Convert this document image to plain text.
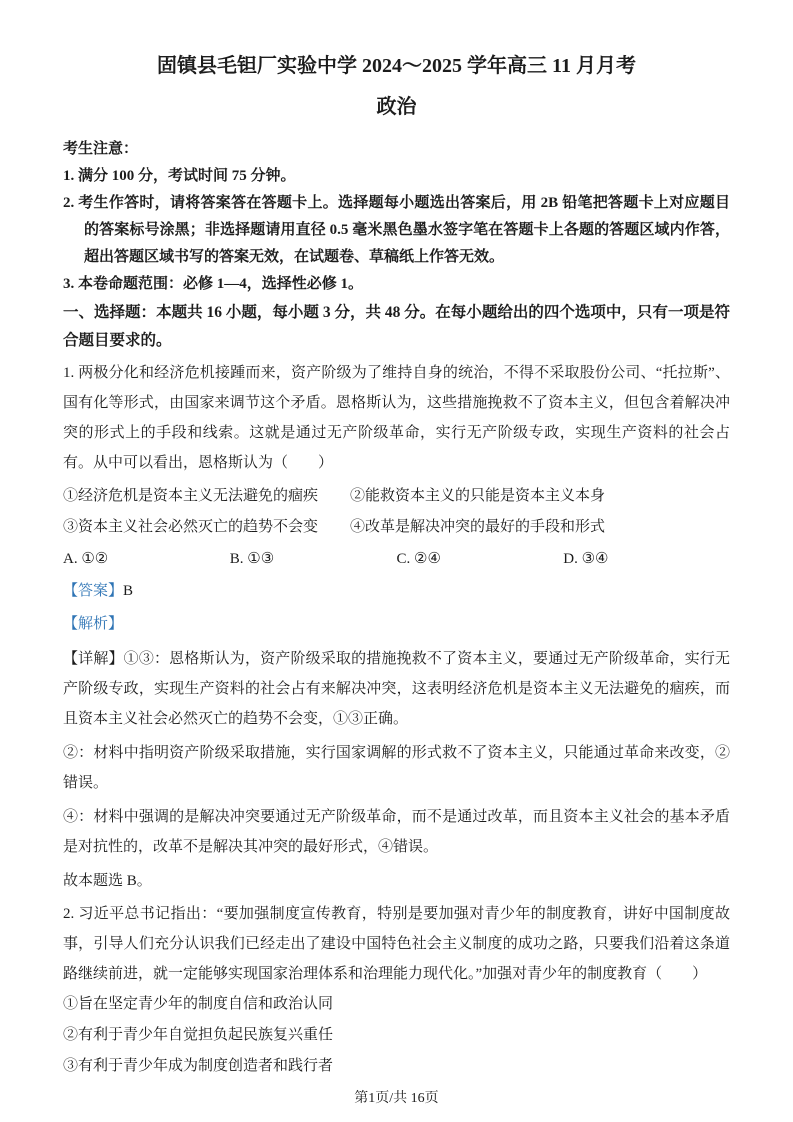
固镇县毛钽厂实验中学 2024～2025 学年高三 11 月月考
政治
考生注意：
1. 满分 100 分，考试时间 75 分钟。
2. 考生作答时，请将答案答在答题卡上。选择题每小题选出答案后，用 2B 铅笔把答题卡上对应题目的答案标号涂黑；非选择题请用直径 0.5 毫米黑色墨水签字笔在答题卡上各题的答题区域内作答，超出答题区域书写的答案无效，在试题卷、草稿纸上作答无效。
3. 本卷命题范围：必修 1—4，选择性必修 1。
一、选择题：本题共 16 小题，每小题 3 分，共 48 分。在每小题给出的四个选项中，只有一项是符合题目要求的。

1. 两极分化和经济危机接踵而来，资产阶级为了维持自身的统治，不得不采取股份公司、“托拉斯”、国有化等形式，由国家来调节这个矛盾。恩格斯认为，这些措施挽救不了资本主义，但包含着解决冲突的形式上的手段和线索。这就是通过无产阶级革命，实行无产阶级专政，实现生产资料的社会占有。从中可以看出，恩格斯认为（　　）

①经济危机是资本主义无法避免的痼疾	②能救资本主义的只能是资本主义本身
③资本主义社会必然灭亡的趋势不会变	④改革是解决冲突的最好的手段和形式
A. ①②	B. ①③	C. ②④	D. ③④

【答案】B

【解析】

【详解】①③：恩格斯认为，资产阶级采取的措施挽救不了资本主义，要通过无产阶级革命，实行无产阶级专政，实现生产资料的社会占有来解决冲突，这表明经济危机是资本主义无法避免的痼疾，而且资本主义社会必然灭亡的趋势不会变，①③正确。

②：材料中指明资产阶级采取措施，实行国家调解的形式救不了资本主义，只能通过革命来改变，②错误。

④：材料中强调的是解决冲突要通过无产阶级革命，而不是通过改革，而且资本主义社会的基本矛盾是对抗性的，改革不是解决其冲突的最好形式，④错误。

故本题选 B。

2. 习近平总书记指出：“要加强制度宣传教育，特别是要加强对青少年的制度教育，讲好中国制度故事，引导人们充分认识我们已经走出了建设中国特色社会主义制度的成功之路，只要我们沿着这条道路继续前进，就一定能够实现国家治理体系和治理能力现代化。”加强对青少年的制度教育（　　）

①旨在坚定青少年的制度自信和政治认同
②有利于青少年自觉担负起民族复兴重任
③有利于青少年成为制度创造者和践行者
第1页/共 16页
